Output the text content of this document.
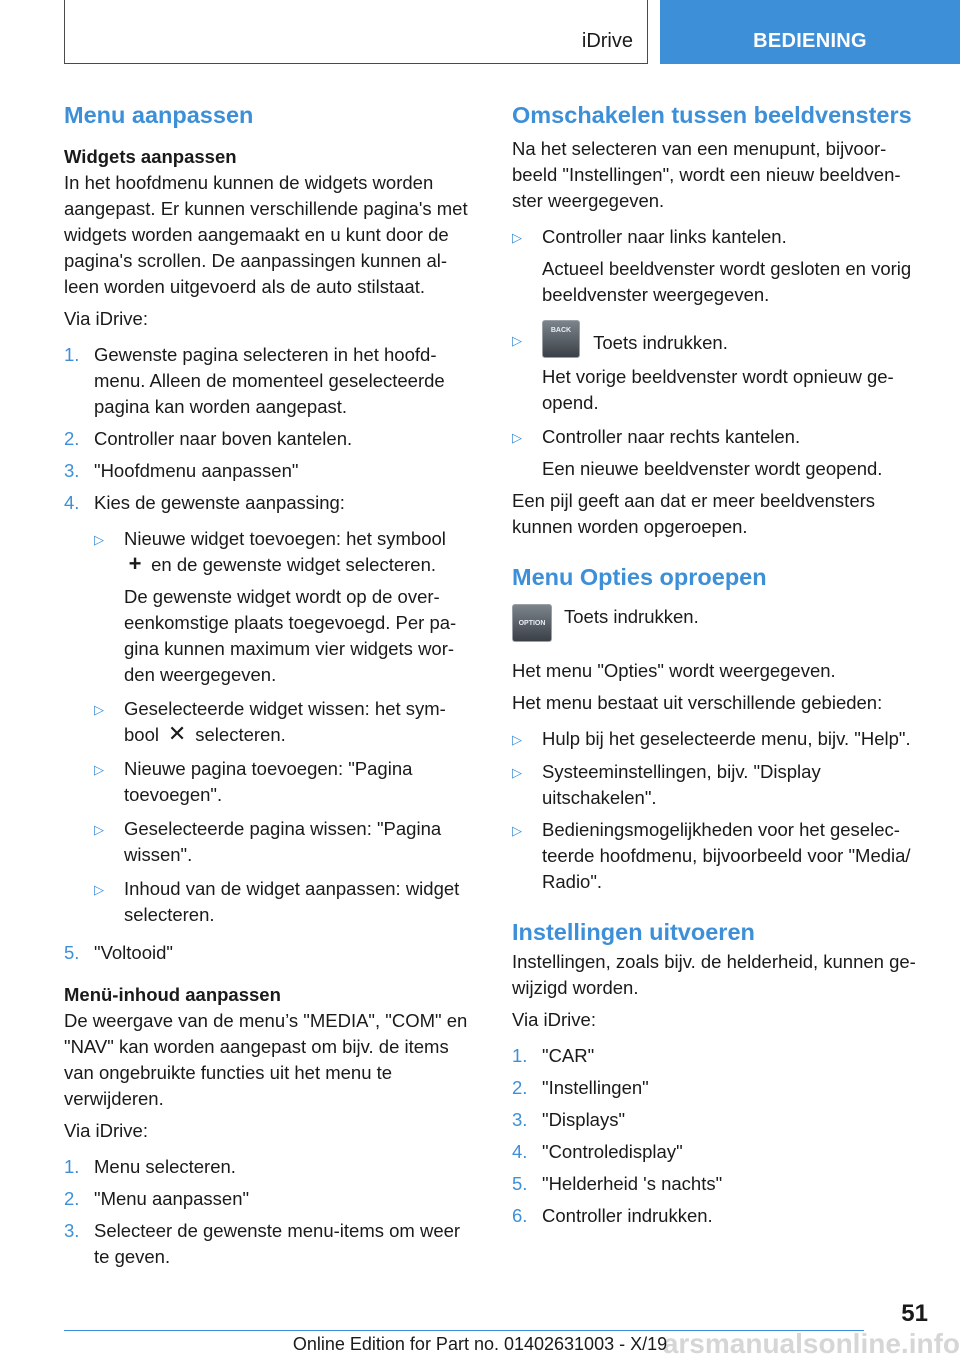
iDrive	BEDIENING
Menu aanpassen
Widgets aanpassen

In het hoofdmenu kunnen de widgets worden aangepast. Er kunnen verschillende pagina's met widgets worden aangemaakt en u kunt door de pagina's scrollen. De aanpassingen kunnen al-leen worden uitgevoerd als de auto stilstaat.

Via iDrive:

1. Gewenste pagina selecteren in het hoofd-menu. Alleen de momenteel geselecteerde pagina kan worden aangepast.
2. Controller naar boven kantelen.
3. "Hoofdmenu aanpassen"
4. Kies de gewenste aanpassing:
▷	Nieuwe widget toevoegen: het symbool
+ en de gewenste widget selecteren.
De gewenste widget wordt op de over-eenkomstige plaats toegevoegd. Per pa-gina kunnen maximum vier widgets wor-den weergegeven.
▷	Geselecteerde widget wissen: het sym-bool ✕ selecteren.
▷	Nieuwe pagina toevoegen: "Pagina toevoegen".
▷	Geselecteerde pagina wissen: "Pagina wissen".
▷	Inhoud van de widget aanpassen: widget selecteren.
5. "Voltooid"
Menü-inhoud aanpassen

De weergave van de menu’s "MEDIA", "COM" en "NAV" kan worden aangepast om bijv. de items van ongebruikte functies uit het menu te verwijderen.

Via iDrive:

1. Menu selecteren.
2. "Menu aanpassen"
3. Selecteer de gewenste menu-items om weer te geven.
Omschakelen tussen beeldvensters

Na het selecteren van een menupunt, bijvoor-beeld "Instellingen", wordt een nieuw beeldven-ster weergegeven.

▷	Controller naar links kantelen.
Actueel beeldvenster wordt gesloten en vorig beeldvenster weergegeven.
▷
BACK Toets indrukken.
Het vorige beeldvenster wordt opnieuw ge-opend.
▷	Controller naar rechts kantelen.
Een nieuwe beeldvenster wordt geopend.

Een pijl geeft aan dat er meer beeldvensters kunnen worden opgeroepen.

Menu Opties oproepen
OPTION	Toets indrukken.

Het menu "Opties" wordt weergegeven.

Het menu bestaat uit verschillende gebieden:

▷	Hulp bij het geselecteerde menu, bijv. "Help".
▷	Systeeminstellingen, bijv. "Display uitschakelen".
▷	Bedieningsmogelijkheden voor het geselec-teerde hoofdmenu, bijvoorbeeld voor "Media/ Radio".
Instellingen uitvoeren

Instellingen, zoals bijv. de helderheid, kunnen ge-wijzigd worden.

Via iDrive:

1. "CAR"
2. "Instellingen"
3. "Displays"
4. "Controledisplay"
5. "Helderheid 's nachts"
6. Controller indrukken.
51
arsmanualsonline.info
Online Edition for Part no. 01402631003 - X/19
